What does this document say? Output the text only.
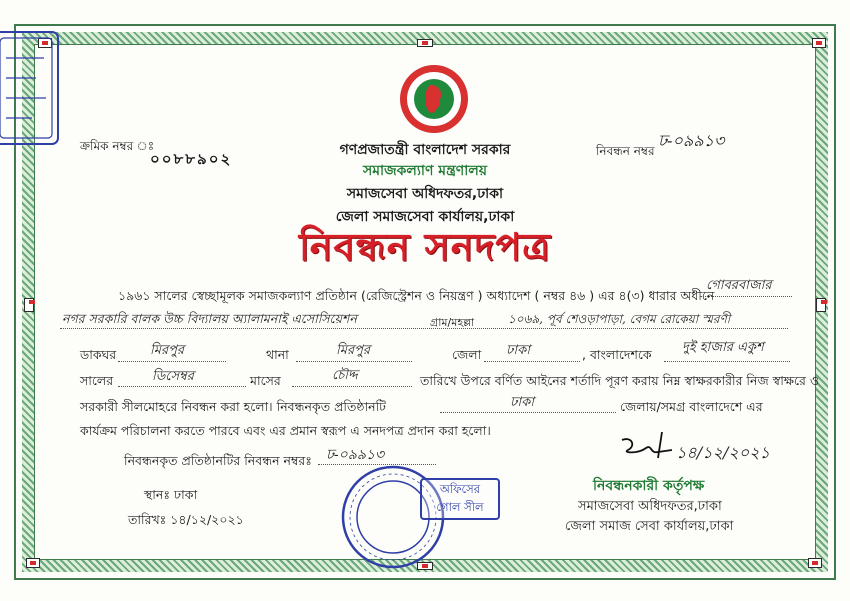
ক্রমিক নম্বর ঃ
০০৮৮৯০২	নিবন্ধন নম্বর
ঢ-০৯৯১৩
গণপ্রজাতন্ত্রী বাংলাদেশ সরকার
সমাজকল্যাণ মন্ত্রণালয়
সমাজসেবা অধিদফতর,ঢাকা
জেলা সমাজসেবা কার্যালয়,ঢাকা
নিবন্ধন সনদপত্র
১৯৬১ সালের স্বেচ্ছামূলক সমাজকল্যাণ প্রতিষ্ঠান (রেজিস্ট্রেশন ও নিয়ন্ত্রণ ) অধ্যাদেশ ( নম্বর ৪৬ ) এর ৪(৩) ধারার অধীনে
গোবরবাজার
নগর সরকারি বালক উচ্চ বিদ্যালয় অ্যালামনাই এসোসিয়েশন	গ্রাম/মহল্লা	১০৬৯, পূর্ব শেওড়াপাড়া, বেগম রোকেয়া স্মরণী
ডাকঘর	মিরপুর	থানা	মিরপুর	জেলা ঢাকা	, বাংলাদেশকে দুই হাজার একুশ
সালের	ডিসেম্বর	মাসের	চৌদ্দ	তারিখে উপরে বর্ণিত আইনের শর্তাদি পূরণ করায় নিম্ন স্বাক্ষরকারীর নিজ স্বাক্ষরে ও
সরকারী সীলমোহরে নিবন্ধন করা হলো। নিবন্ধনকৃত প্রতিষ্ঠানটি	ঢাকা	জেলায়/সমগ্র বাংলাদেশে এর
কার্যক্রম পরিচালনা করতে পারবে এবং এর প্রমান স্বরূপ এ সনদপত্র প্রদান করা হলো।
নিবন্ধনকৃত প্রতিষ্ঠানটির নিবন্ধন নম্বরঃ ঢ-০৯৯১৩	১৪/১২/২০২১
নিবন্ধনকারী কর্তৃপক্ষ
সমাজসেবা অধিদফতর,ঢাকা
জেলা সমাজ সেবা কার্যালয়,ঢাকা
স্থানঃ ঢাকা
তারিখঃ ১৪/১২/২০২১
অফিসের
গোল সীল
